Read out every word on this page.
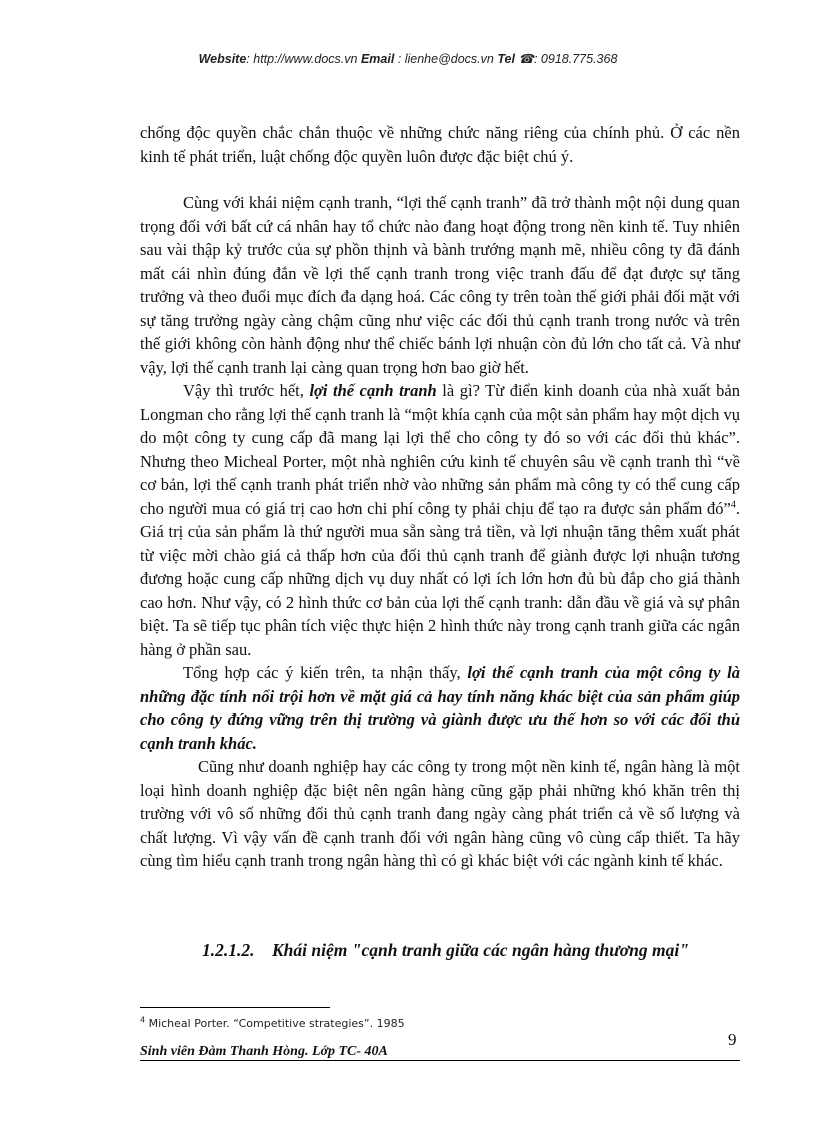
Website: http://www.docs.vn Email : lienhe@docs.vn Tel ☎: 0918.775.368

chống độc quyền chắc chắn thuộc về những chức năng riêng của chính phủ. Ở các nền kinh tế phát triển, luật chống độc quyền luôn được đặc biệt chú ý.

Cùng với khái niệm cạnh tranh, “lợi thế cạnh tranh” đã trở thành một nội dung quan trọng đối với bất cứ cá nhân hay tổ chức nào đang hoạt động trong nền kinh tế. Tuy nhiên sau vài thập kỷ trước của sự phồn thịnh và bành trướng mạnh mẽ, nhiều công ty đã đánh mất cái nhìn đúng đắn về lợi thế cạnh tranh trong việc tranh đấu để đạt được sự tăng trưởng và theo đuổi mục đích đa dạng hoá. Các công ty trên toàn thế giới phải đối mặt với sự tăng trưởng ngày càng chậm cũng như việc các đối thủ cạnh tranh trong nước và trên thế giới không còn hành động như thể chiếc bánh lợi nhuận còn đủ lớn cho tất cả. Và như vậy, lợi thế cạnh tranh lại càng quan trọng hơn bao giờ hết.

Vậy thì trước hết, lợi thế cạnh tranh là gì? Từ điển kinh doanh của nhà xuất bản Longman cho rằng lợi thế cạnh tranh là “một khía cạnh của một sản phẩm hay một dịch vụ do một công ty cung cấp đã mang lại lợi thế cho công ty đó so với các đối thủ khác”. Nhưng theo Micheal Porter, một nhà nghiên cứu kinh tế chuyên sâu về cạnh tranh thì “về cơ bản, lợi thế cạnh tranh phát triển nhờ vào những sản phẩm mà công ty có thể cung cấp cho người mua có giá trị cao hơn chi phí công ty phải chịu để tạo ra được sản phẩm đó”$^4$. Giá trị của sản phẩm là thứ người mua sẵn sàng trả tiền, và lợi nhuận tăng thêm xuất phát từ việc mời chào giá cả thấp hơn của đối thủ cạnh tranh để giành được lợi nhuận tương đương hoặc cung cấp những dịch vụ duy nhất có lợi ích lớn hơn đủ bù đắp cho giá thành cao hơn. Như vậy, có 2 hình thức cơ bản của lợi thế cạnh tranh: dẫn đầu về giá và sự phân biệt. Ta sẽ tiếp tục phân tích việc thực hiện 2 hình thức này trong cạnh tranh giữa các ngân hàng ở phần sau.

Tổng hợp các ý kiến trên, ta nhận thấy, lợi thế cạnh tranh của một công ty là những đặc tính nổi trội hơn về mặt giá cả hay tính năng khác biệt của sản phẩm giúp cho công ty đứng vững trên thị trường và giành được ưu thế hơn so với các đối thủ cạnh tranh khác.

Cũng như doanh nghiệp hay các công ty trong một nền kinh tế, ngân hàng là một loại hình doanh nghiệp đặc biệt nên ngân hàng cũng gặp phải những khó khăn trên thị trường với vô số những đối thủ cạnh tranh đang ngày càng phát triển cả về số lượng và chất lượng. Vì vậy vấn đề cạnh tranh đối với ngân hàng cũng vô cùng cấp thiết. Ta hãy cùng tìm hiểu cạnh tranh trong ngân hàng thì có gì khác biệt với các ngành kinh tế khác.

1.2.1.2. Khái niệm "cạnh tranh giữa các ngân hàng thương mại"
$^4$ Micheal Porter. “Competitive strategies”. 1985
9
Sinh viên Đàm Thanh Hòng. Lớp TC- 40A
